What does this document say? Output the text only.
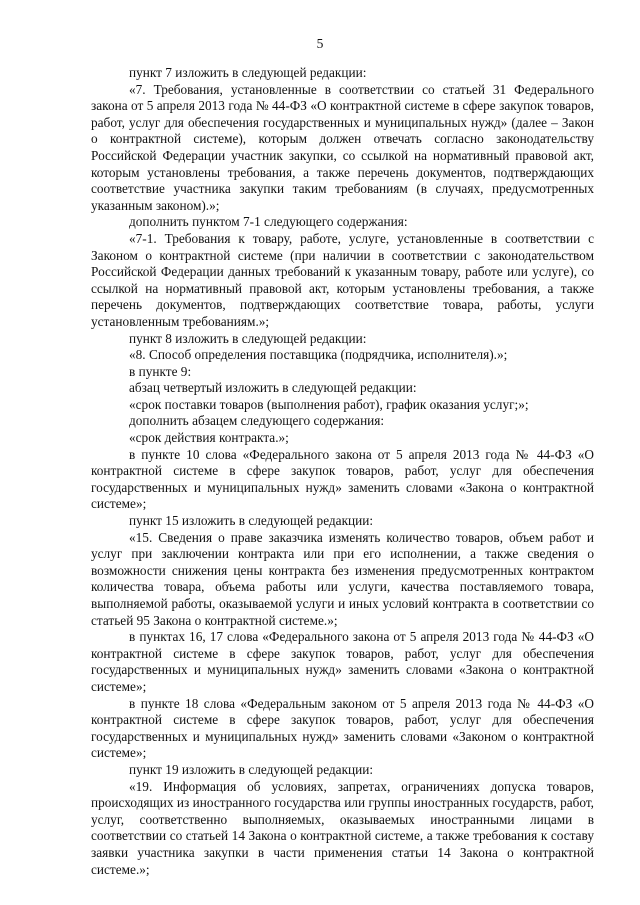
5

пункт 7 изложить в следующей редакции:

«7. Требования, установленные в соответствии со статьей 31 Федерального закона от 5 апреля 2013 года № 44-ФЗ «О контрактной системе в сфере закупок товаров, работ, услуг для обеспечения государственных и муниципальных нужд» (далее – Закон о контрактной системе), которым должен отвечать согласно законодательству Российской Федерации участник закупки, со ссылкой на нормативный правовой акт, которым установлены требования, а также перечень документов, подтверждающих соответствие участника закупки таким требованиям (в случаях, предусмотренных указанным законом).»;

дополнить пунктом 7-1 следующего содержания:

«7-1. Требования к товару, работе, услуге, установленные в соответствии с Законом о контрактной системе (при наличии в соответствии с законодательством Российской Федерации данных требований к указанным товару, работе или услуге), со ссылкой на нормативный правовой акт, которым установлены требования, а также перечень документов, подтверждающих соответствие товара, работы, услуги установленным требованиям.»;

пункт 8 изложить в следующей редакции:

«8. Способ определения поставщика (подрядчика, исполнителя).»;

в пункте 9:

абзац четвертый изложить в следующей редакции:

«срок поставки товаров (выполнения работ), график оказания услуг;»;

дополнить абзацем следующего содержания:

«срок действия контракта.»;

в пункте 10 слова «Федерального закона от 5 апреля 2013 года № 44-ФЗ «О контрактной системе в сфере закупок товаров, работ, услуг для обеспечения государственных и муниципальных нужд» заменить словами «Закона о контрактной системе»;

пункт 15 изложить в следующей редакции:

«15. Сведения о праве заказчика изменять количество товаров, объем работ и услуг при заключении контракта или при его исполнении, а также сведения о возможности снижения цены контракта без изменения предусмотренных контрактом количества товара, объема работы или услуги, качества поставляемого товара, выполняемой работы, оказываемой услуги и иных условий контракта в соответствии со статьей 95 Закона о контрактной системе.»;

в пунктах 16, 17 слова «Федерального закона от 5 апреля 2013 года № 44-ФЗ «О контрактной системе в сфере закупок товаров, работ, услуг для обеспечения государственных и муниципальных нужд» заменить словами «Закона о контрактной системе»;

в пункте 18 слова «Федеральным законом от 5 апреля 2013 года № 44-ФЗ «О контрактной системе в сфере закупок товаров, работ, услуг для обеспечения государственных и муниципальных нужд» заменить словами «Законом о контрактной системе»;

пункт 19 изложить в следующей редакции:

«19. Информация об условиях, запретах, ограничениях допуска товаров, происходящих из иностранного государства или группы иностранных государств, работ, услуг, соответственно выполняемых, оказываемых иностранными лицами в соответствии со статьей 14 Закона о контрактной системе, а также требования к составу заявки участника закупки в части применения статьи 14 Закона о контрактной системе.»;
